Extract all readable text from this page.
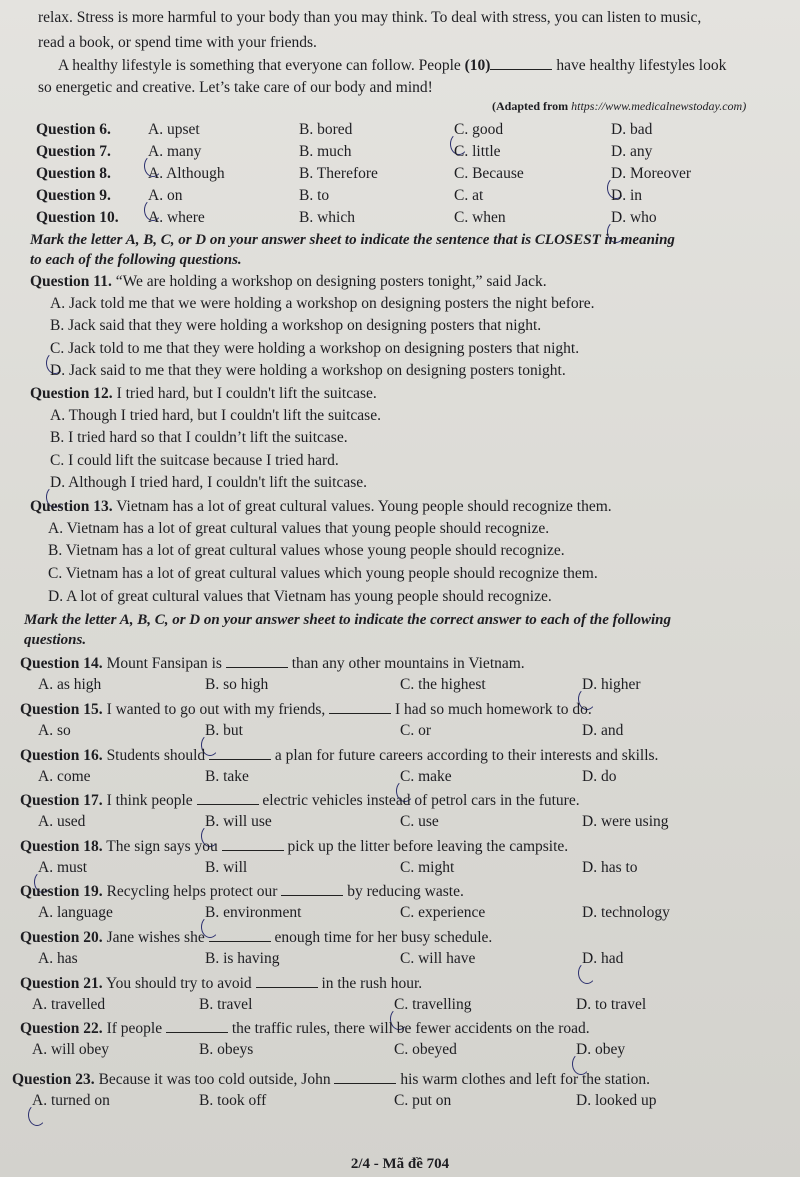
relax. Stress is more harmful to your body than you may think. To deal with stress, you can listen to music,
read a book, or spend time with your friends.
A healthy lifestyle is something that everyone can follow. People (10)	have healthy lifestyles look
so energetic and creative. Let’s take care of our body and mind!
(Adapted from https://www.medicalnewstoday.com)
Question 6. A. upset	B. bored	C. good	D. bad
Question 7. A. many	B. much	C. little	D. any
Question 8. A. Although	B. Therefore	C. Because	D. Moreover
Question 9. A. on	B. to	C. at	D. in
Question 10. A. where	B. which	C. when	D. who
Mark the letter A, B, C, or D on your answer sheet to indicate the sentence that is CLOSEST in meaning
to each of the following questions.
Question 11. “We are holding a workshop on designing posters tonight,” said Jack.
A. Jack told me that we were holding a workshop on designing posters the night before.
B. Jack said that they were holding a workshop on designing posters that night.
C. Jack told to me that they were holding a workshop on designing posters that night.
D. Jack said to me that they were holding a workshop on designing posters tonight.
Question 12. I tried hard, but I couldn't lift the suitcase.
A. Though I tried hard, but I couldn't lift the suitcase.
B. I tried hard so that I couldn’t lift the suitcase.
C. I could lift the suitcase because I tried hard.
D. Although I tried hard, I couldn't lift the suitcase.
Question 13. Vietnam has a lot of great cultural values. Young people should recognize them.
A. Vietnam has a lot of great cultural values that young people should recognize.
B. Vietnam has a lot of great cultural values whose young people should recognize.
C. Vietnam has a lot of great cultural values which young people should recognize them.
D. A lot of great cultural values that Vietnam has young people should recognize.
Mark the letter A, B, C, or D on your answer sheet to indicate the correct answer to each of the following
questions.
Question 14. Mount Fansipan is	than any other mountains in Vietnam.
A. as high	B. so high	C. the highest	D. higher
Question 15. I wanted to go out with my friends,	I had so much homework to do.
A. so	B. but	C. or	D. and
Question 16. Students should	a plan for future careers according to their interests and skills.
A. come	B. take	C. make	D. do
Question 17. I think people	electric vehicles instead of petrol cars in the future.
A. used	B. will use	C. use	D. were using
Question 18. The sign says you	pick up the litter before leaving the campsite.
A. must	B. will	C. might	D. has to
Question 19. Recycling helps protect our	by reducing waste.
A. language	B. environment	C. experience	D. technology
Question 20. Jane wishes she	enough time for her busy schedule.
A. has	B. is having	C. will have	D. had
Question 21. You should try to avoid	in the rush hour.
A. travelled	B. travel	C. travelling	D. to travel
Question 22. If people	the traffic rules, there will be fewer accidents on the road.
A. will obey	B. obeys	C. obeyed	D. obey
Question 23. Because it was too cold outside, John	his warm clothes and left for the station.
A. turned on	B. took off	C. put on	D. looked up
2/4 - Mã đề 704
